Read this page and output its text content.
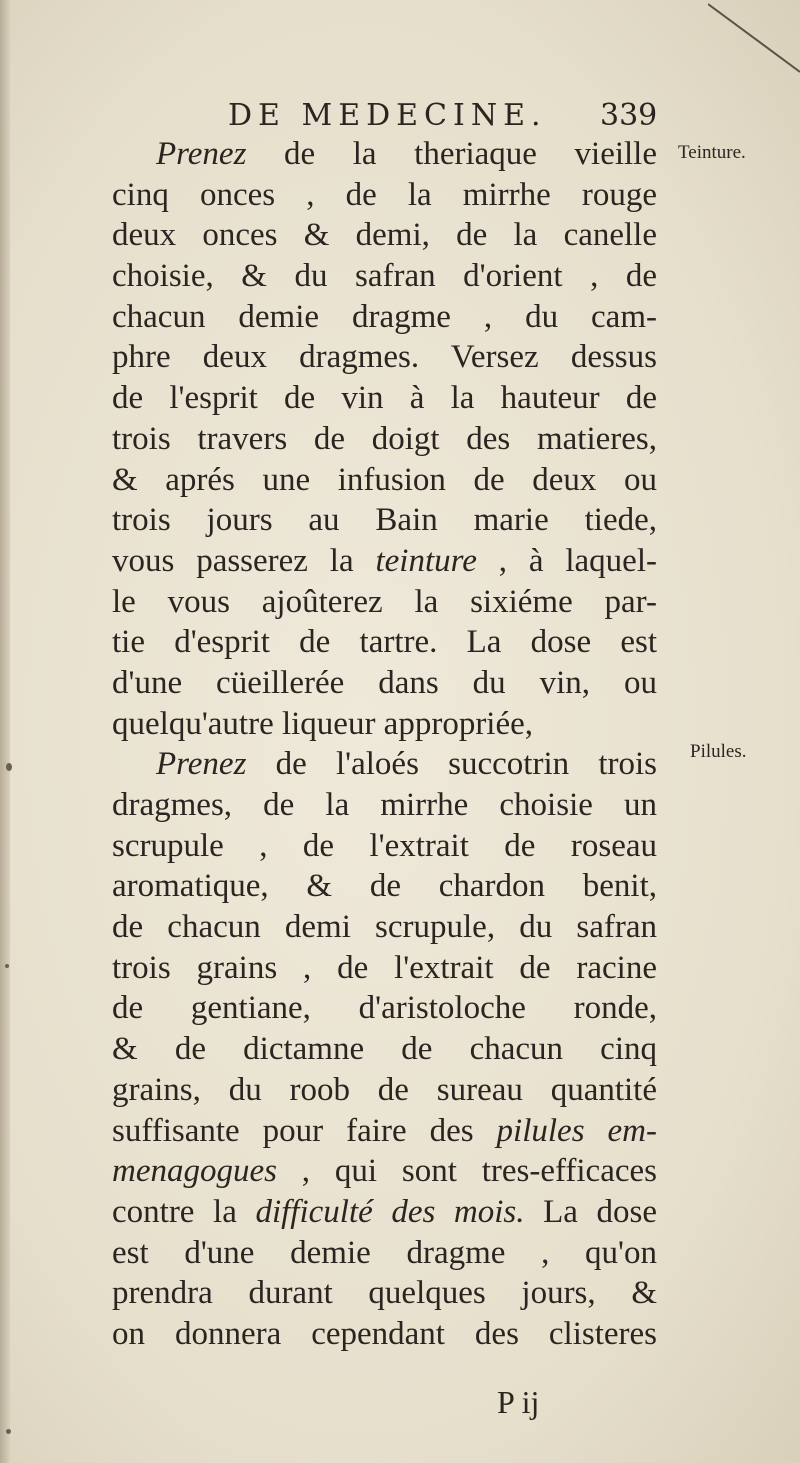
DE MEDECINE. 339
Teinture.
Pilules.
Prenez de la theriaque vieille
cinq onces , de la mirrhe rouge
deux onces & demi, de la canelle
choisie, & du safran d'orient , de
chacun demie dragme , du cam-
phre deux dragmes. Versez dessus
de l'esprit de vin à la hauteur de
trois travers de doigt des matieres,
& aprés une infusion de deux ou
trois jours au Bain marie tiede,
vous passerez la teinture , à laquel-
le vous ajoûterez la sixiéme par-
tie d'esprit de tartre. La dose est
d'une cüeillerée dans du vin, ou
quelqu'autre liqueur appropriée,
Prenez de l'aloés succotrin trois
dragmes, de la mirrhe choisie un
scrupule , de l'extrait de roseau
aromatique, & de chardon benit,
de chacun demi scrupule, du safran
trois grains , de l'extrait de racine
de gentiane, d'aristoloche ronde,
& de dictamne de chacun cinq
grains, du roob de sureau quantité
suffisante pour faire des pilules em-
menagogues , qui sont tres-efficaces
contre la difficulté des mois. La dose
est d'une demie dragme , qu'on
prendra durant quelques jours, &
on donnera cependant des clisteres
P ij
